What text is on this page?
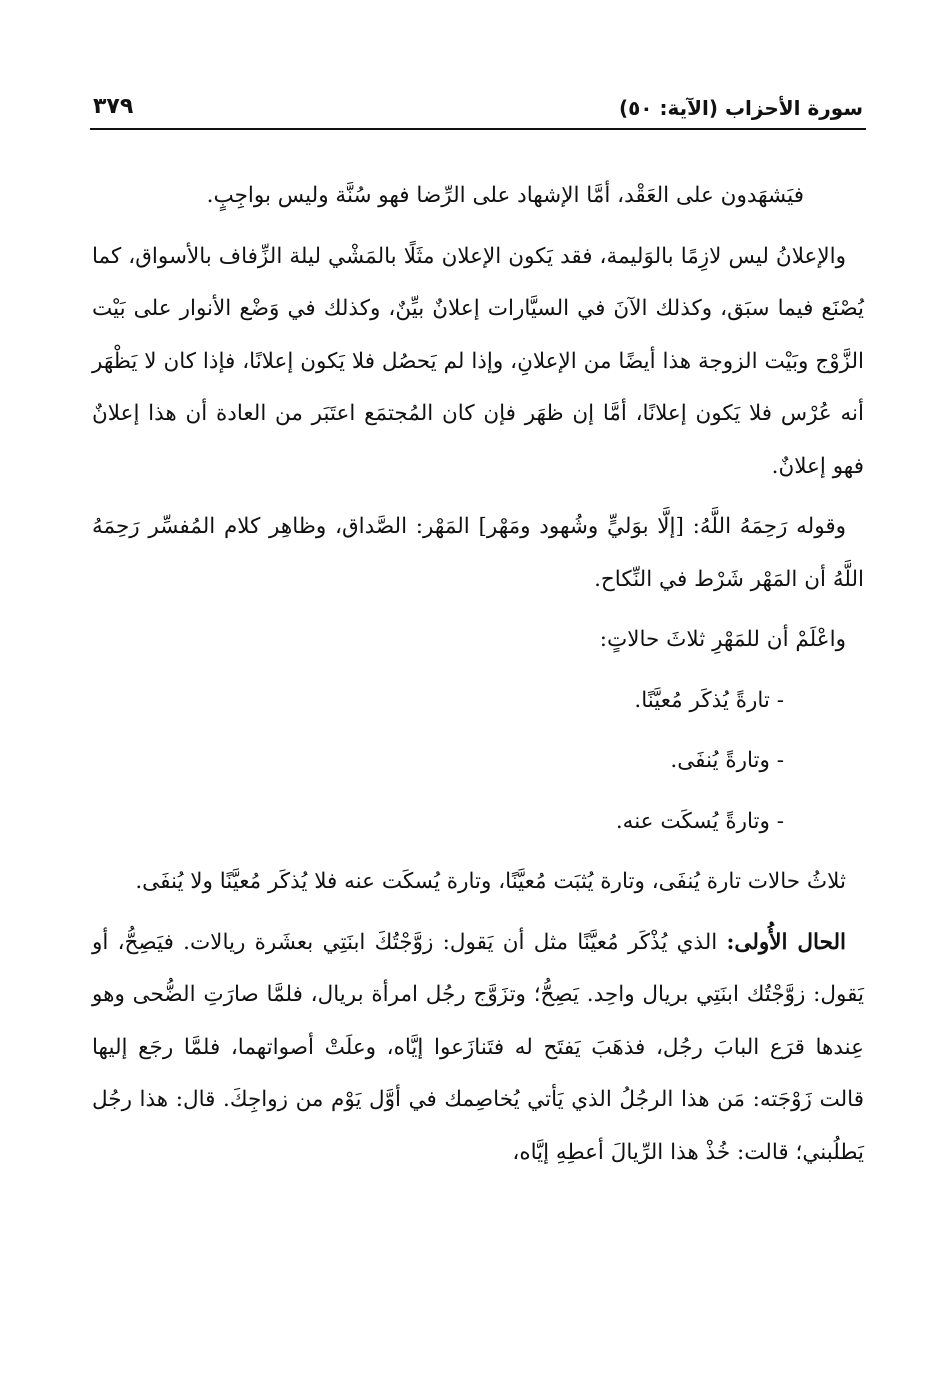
سورة الأحزاب (الآية: ٥٠)
٣٧٩

فيَشهَدون على العَقْد، أمَّا الإشهاد على الرِّضا فهو سُنَّة وليس بواجِبٍ.

والإعلانُ ليس لازِمًا بالوَليمة، فقد يَكون الإعلان مثَلًا بالمَشْي ليلة الزِّفاف بالأسواق، كما يُصْنَع فيما سبَق، وكذلك الآنَ في السيَّارات إعلانٌ بيِّنٌ، وكذلك في وَضْع الأنوار على بَيْت الزَّوْج وبَيْت الزوجة هذا أيضًا من الإعلانِ، وإذا لم يَحصُل فلا يَكون إعلانًا، فإذا كان لا يَظْهَر أنه عُرْس فلا يَكون إعلانًا، أمَّا إن ظهَر فإن كان المُجتمَع اعتَبَر من العادة أن هذا إعلانٌ فهو إعلانٌ.

وقوله رَحِمَهُ اللَّهُ: [إلَّا بوَليٍّ وشُهود ومَهْر] المَهْر: الصَّداق، وظاهِر كلام المُفسِّر رَحِمَهُ اللَّهُ أن المَهْر شَرْط في النِّكاح.

واعْلَمْ أن للمَهْرِ ثلاثَ حالاتٍ:

- تارةً يُذكَر مُعيَّنًا.

- وتارةً يُنفَى.

- وتارةً يُسكَت عنه.

ثلاثُ حالات تارة يُنفَى، وتارة يُثبَت مُعيَّنًا، وتارة يُسكَت عنه فلا يُذكَر مُعيَّنًا ولا يُنفَى.

الحال الأُولى: الذي يُذْكَر مُعيَّنًا مثل أن يَقول: زوَّجْتُكَ ابنَتِي بعشَرة ريالات. فيَصِحُّ، أو يَقول: زوَّجْتُك ابنَتِي بريال واحِد. يَصِحُّ؛ وتزَوَّج رجُل امرأة بريال، فلمَّا صارَتِ الضُّحى وهو عِندها قرَع البابَ رجُل، فذهَبَ يَفتَح له فتَنازَعوا إيَّاه، وعلَتْ أصواتهما، فلمَّا رجَع إليها قالت زَوْجَته: مَن هذا الرجُلُ الذي يَأتي يُخاصِمك في أوَّل يَوْم من زواجِكَ. قال: هذا رجُل يَطلُبني؛ قالت: خُذْ هذا الرِّيالَ أعطِهِ إيَّاه،
